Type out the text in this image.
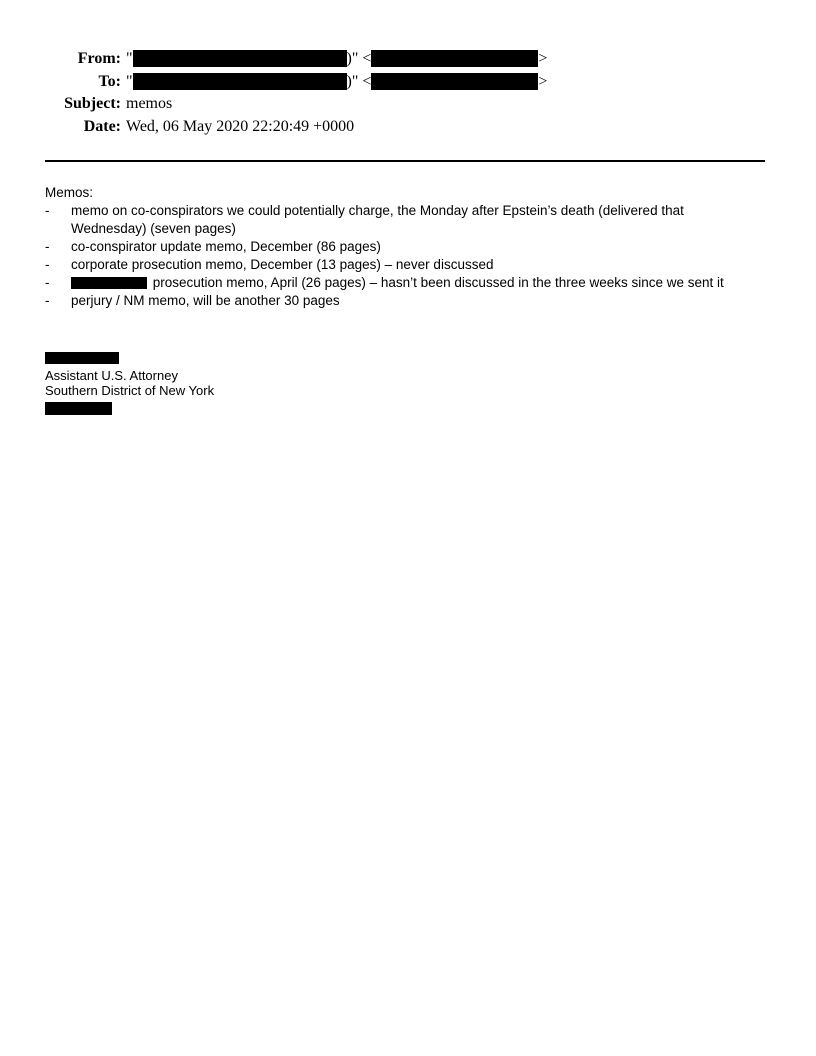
From: "	)" <	>
To: "	)" <	>
Subject: memos
Date: Wed, 06 May 2020 22:20:49 +0000
Memos:
-	memo on co-conspirators we could potentially charge, the Monday after Epstein’s death (delivered that Wednesday) (seven pages)
-	co-conspirator update memo, December (86 pages)
-	corporate prosecution memo, December (13 pages) – never discussed
-	prosecution memo, April (26 pages) – hasn’t been discussed in the three weeks since we sent it
-	perjury / NM memo, will be another 30 pages
Assistant U.S. Attorney
Southern District of New York
